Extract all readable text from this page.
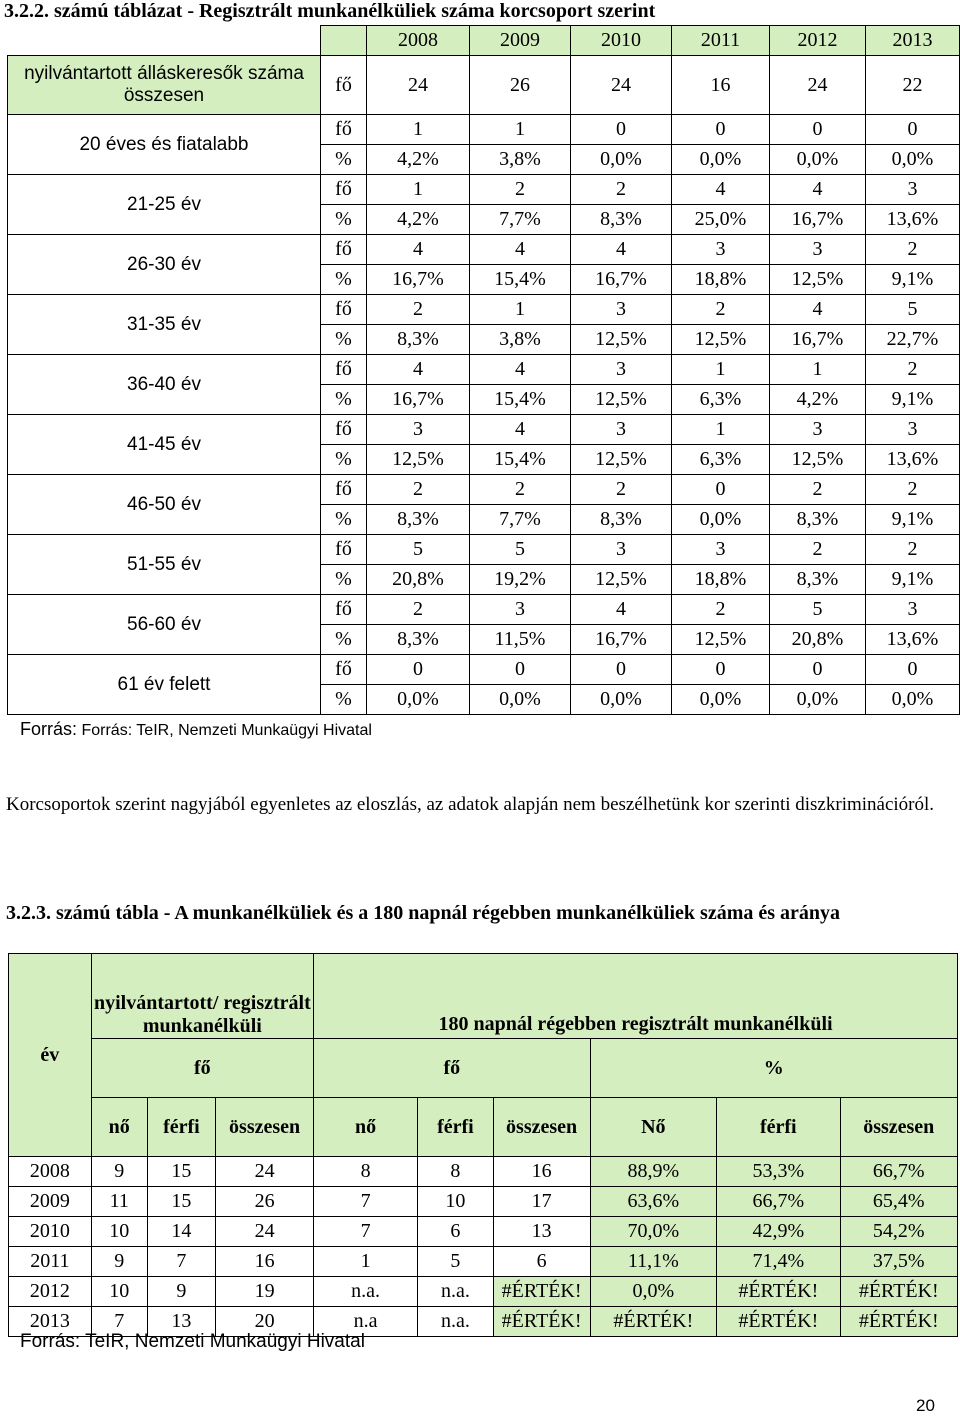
3.2.2. számú táblázat - Regisztrált munkanélküliek száma korcsoport szerint
		2008	2009	2010	2011	2012	2013
nyilvántartott álláskeresők száma összesen	fő	24	26	24	16	24	22
20 éves és fiatalabb	fő	1	1	0	0	0	0
	%	4,2%	3,8%	0,0%	0,0%	0,0%	0,0%
21-25 év	fő	1	2	2	4	4	3
	%	4,2%	7,7%	8,3%	25,0%	16,7%	13,6%
26-30 év	fő	4	4	4	3	3	2
	%	16,7%	15,4%	16,7%	18,8%	12,5%	9,1%
31-35 év	fő	2	1	3	2	4	5
	%	8,3%	3,8%	12,5%	12,5%	16,7%	22,7%
36-40 év	fő	4	4	3	1	1	2
	%	16,7%	15,4%	12,5%	6,3%	4,2%	9,1%
41-45 év	fő	3	4	3	1	3	3
	%	12,5%	15,4%	12,5%	6,3%	12,5%	13,6%
46-50 év	fő	2	2	2	0	2	2
	%	8,3%	7,7%	8,3%	0,0%	8,3%	9,1%
51-55 év	fő	5	5	3	3	2	2
	%	20,8%	19,2%	12,5%	18,8%	8,3%	9,1%
56-60 év	fő	2	3	4	2	5	3
	%	8,3%	11,5%	16,7%	12,5%	20,8%	13,6%
61 év felett	fő	0	0	0	0	0	0
	%	0,0%	0,0%	0,0%	0,0%	0,0%	0,0%
Forrás: Forrás: TeIR, Nemzeti Munkaügyi Hivatal
Korcsoportok szerint nagyjából egyenletes az eloszlás, az adatok alapján nem beszélhetünk kor szerinti diszkriminációról.
3.2.3. számú tábla - A munkanélküliek és a 180 napnál régebben munkanélküliek száma és aránya
év	nyilvántartott/ regisztrált munkanélküli			180 napnál régebben regisztrált munkanélküli					
	fő			fő			%		
	nő	férfi	összesen	nő	férfi	összesen	Nő	férfi	összesen
2008	9	15	24	8	8	16	88,9%	53,3%	66,7%
2009	11	15	26	7	10	17	63,6%	66,7%	65,4%
2010	10	14	24	7	6	13	70,0%	42,9%	54,2%
2011	9	7	16	1	5	6	11,1%	71,4%	37,5%
2012	10	9	19	n.a.	n.a.	#ÉRTÉK!	0,0%	#ÉRTÉK!	#ÉRTÉK!
2013	7	13	20	n.a	n.a.	#ÉRTÉK!	#ÉRTÉK!	#ÉRTÉK!	#ÉRTÉK!
Forrás: TeIR, Nemzeti Munkaügyi Hivatal
20
